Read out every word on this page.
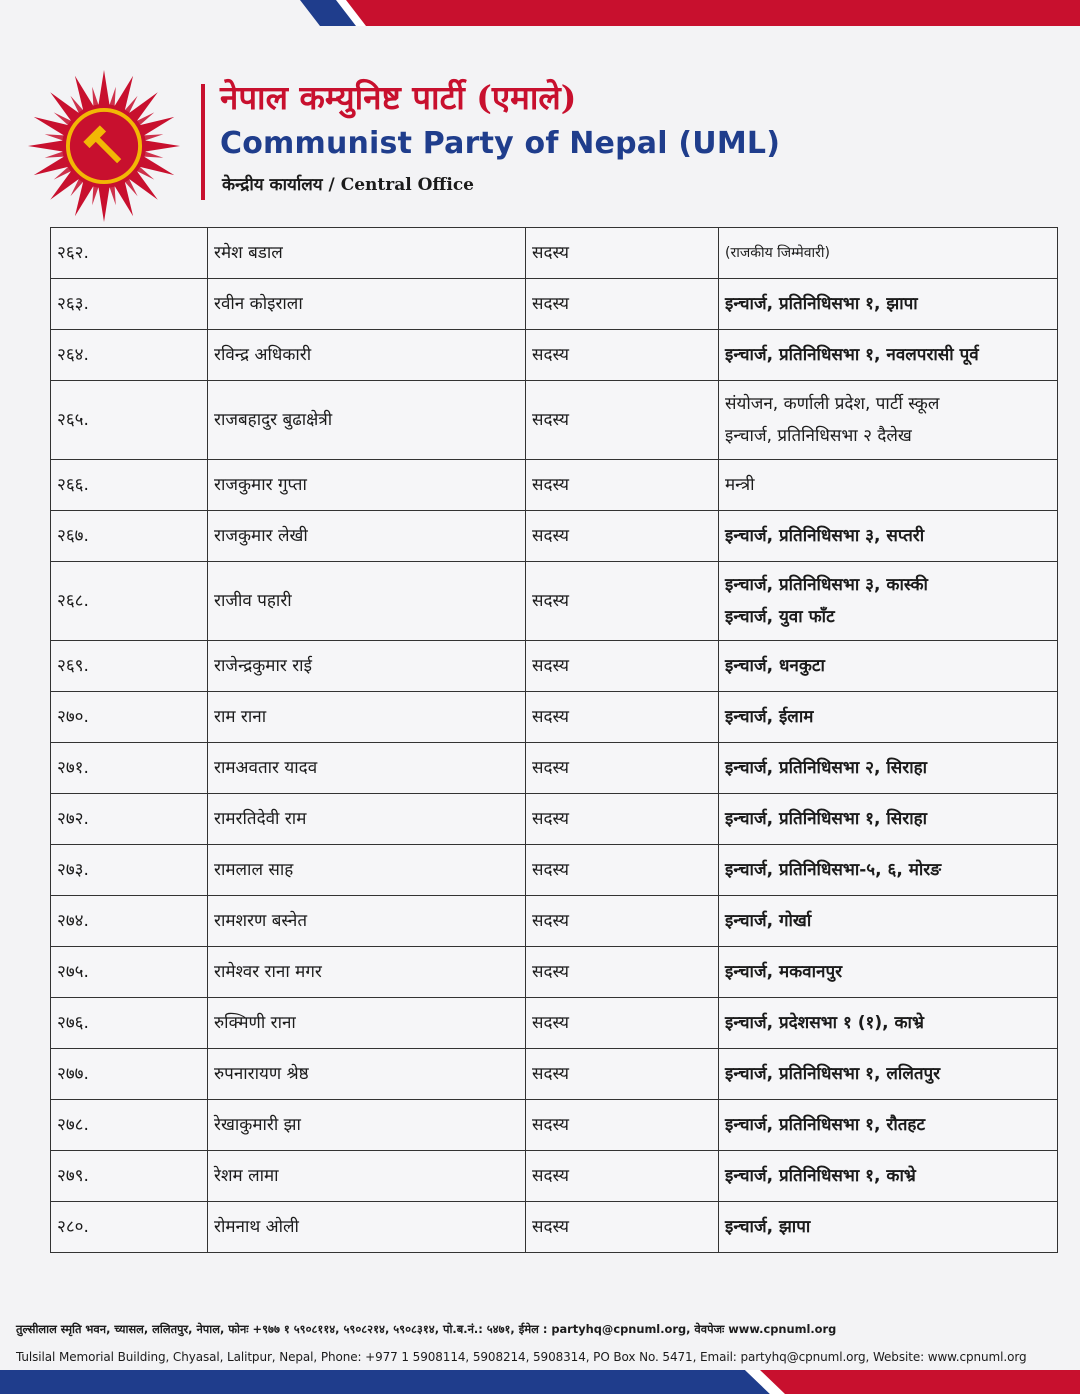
नेपाल कम्युनिष्ट पार्टी (एमाले)
Communist Party of Nepal (UML)
केन्द्रीय कार्यालय / Central Office
२६२.	रमेश बडाल	सदस्य	(राजकीय जिम्मेवारी)

२६३.	रवीन कोइराला	सदस्य	इन्चार्ज, प्रतिनिधिसभा १, झापा

२६४.	रविन्द्र अधिकारी	सदस्य	इन्चार्ज, प्रतिनिधिसभा १, नवलपरासी पूर्व

२६५.	राजबहादुर बुढाक्षेत्री	सदस्य	संयोजन, कर्णाली प्रदेश, पार्टी स्कूल
इन्चार्ज, प्रतिनिधिसभा २ दैलेख

२६६.	राजकुमार गुप्ता	सदस्य	मन्त्री

२६७.	राजकुमार लेखी	सदस्य	इन्चार्ज, प्रतिनिधिसभा ३, सप्तरी

२६८.	राजीव पहारी	सदस्य	इन्चार्ज, प्रतिनिधिसभा ३, कास्की
इन्चार्ज, युवा फाँट

२६९.	राजेन्द्रकुमार राई	सदस्य	इन्चार्ज, धनकुटा

२७०.	राम राना	सदस्य	इन्चार्ज, ईलाम

२७१.	रामअवतार यादव	सदस्य	इन्चार्ज, प्रतिनिधिसभा २, सिराहा

२७२.	रामरतिदेवी राम	सदस्य	इन्चार्ज, प्रतिनिधिसभा १, सिराहा

२७३.	रामलाल साह	सदस्य	इन्चार्ज, प्रतिनिधिसभा-५, ६, मोरङ

२७४.	रामशरण बस्नेत	सदस्य	इन्चार्ज, गोर्खा

२७५.	रामेश्वर राना मगर	सदस्य	इन्चार्ज, मकवानपुर

२७६.	रुक्मिणी राना	सदस्य	इन्चार्ज, प्रदेशसभा १ (१), काभ्रे

२७७.	रुपनारायण श्रेष्ठ	सदस्य	इन्चार्ज, प्रतिनिधिसभा १, ललितपुर

२७८.	रेखाकुमारी झा	सदस्य	इन्चार्ज, प्रतिनिधिसभा १, रौतहट

२७९.	रेशम लामा	सदस्य	इन्चार्ज, प्रतिनिधिसभा १, काभ्रे

२८०.	रोमनाथ ओली	सदस्य	इन्चार्ज, झापा
तुल्सीलाल स्मृति भवन, च्यासल, ललितपुर, नेपाल, फोनः +९७७ १ ५९०८११४, ५९०८२१४, ५९०८३१४, पो.ब.नं.: ५४७१, ईमेल : partyhq@cpnuml.org, वेवपेजः www.cpnuml.org
Tulsilal Memorial Building, Chyasal, Lalitpur, Nepal, Phone: +977 1 5908114, 5908214, 5908314, PO Box No. 5471, Email: partyhq@cpnuml.org, Website: www.cpnuml.org
